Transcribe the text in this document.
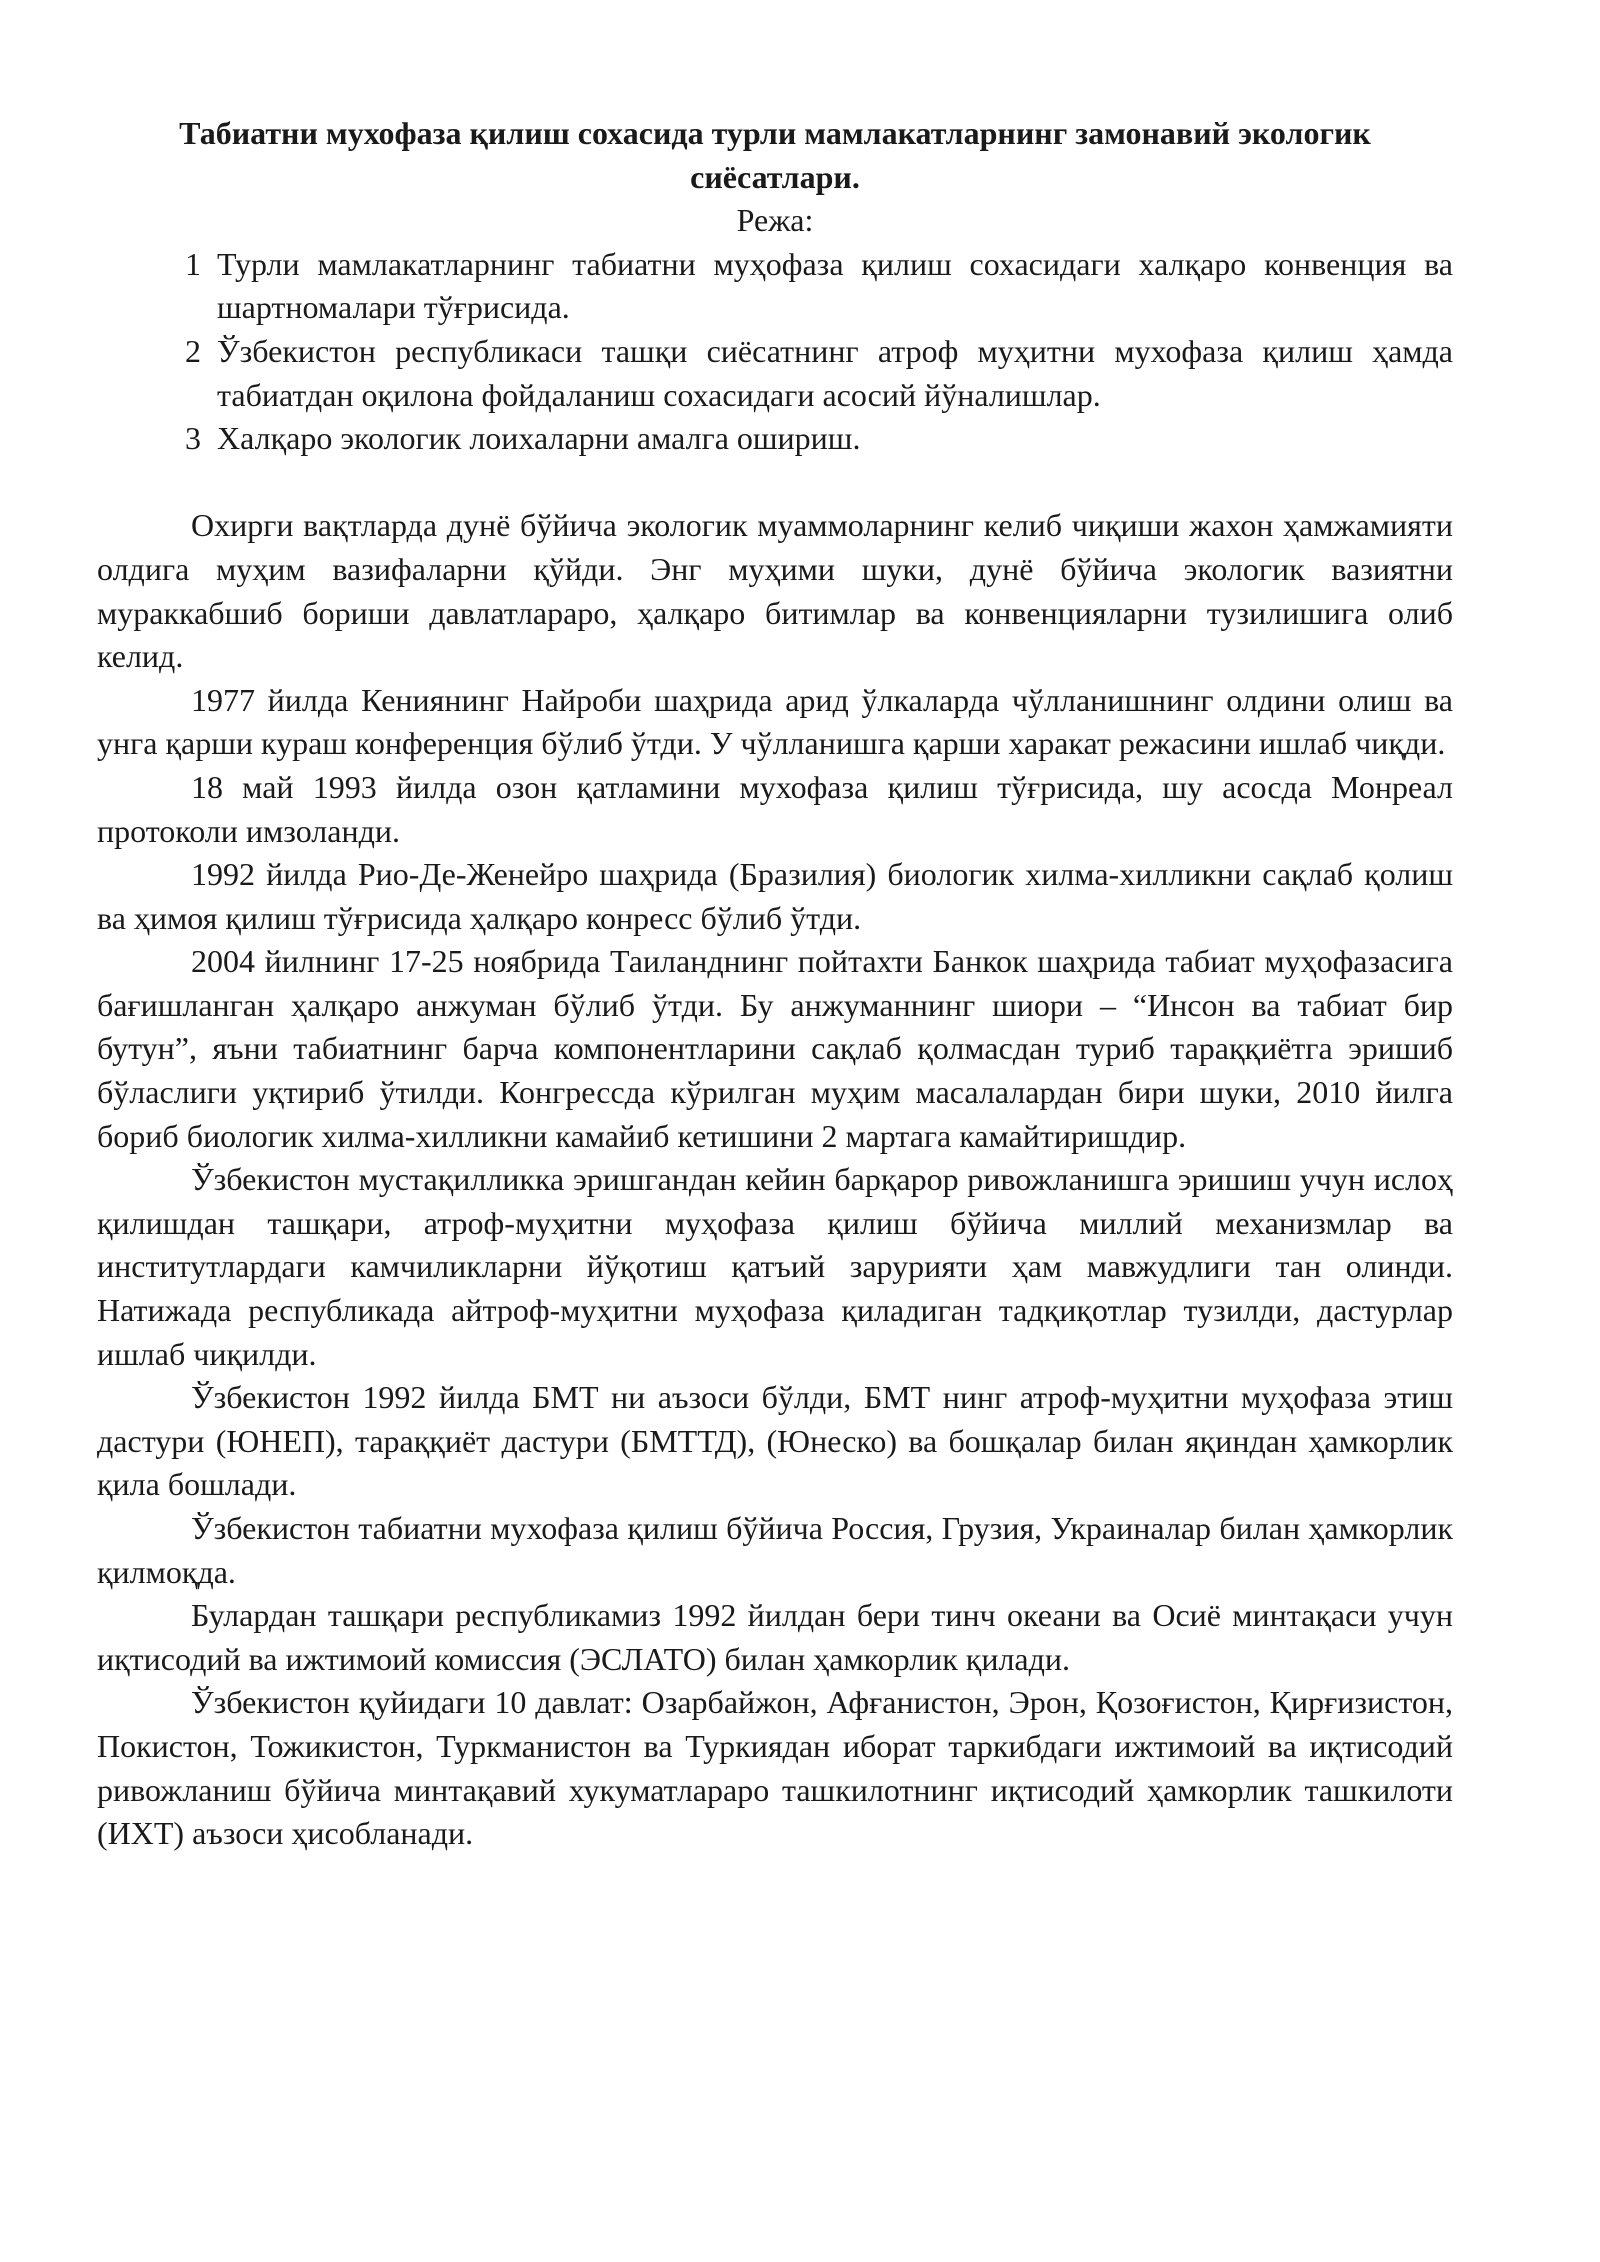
Табиатни мухофаза қилиш сохасида турли мамлакатларнинг замонавий экологик сиёсатлари.
Режа:
1 Турли мамлакатларнинг табиатни муҳофаза қилиш сохасидаги халқаро конвенция ва шартномалари тўғрисида.
2 Ўзбекистон республикаси ташқи сиёсатнинг атроф муҳитни мухофаза қилиш ҳамда табиатдан оқилона фойдаланиш сохасидаги асосий йўналишлар.
3 Халқаро экологик лоихаларни амалга ошириш.

Охирги вақтларда дунё бўйича экологик муаммоларнинг келиб чиқиши жахон ҳамжамияти олдига муҳим вазифаларни қўйди. Энг муҳими шуки, дунё бўйича экологик вазиятни мураккабшиб бориши давлатлараро, ҳалқаро битимлар ва конвенцияларни тузилишига олиб келид.

1977 йилда Кениянинг Найроби шаҳрида арид ўлкаларда чўлланишнинг олдини олиш ва унга қарши кураш конференция бўлиб ўтди. У чўлланишга қарши харакат режасини ишлаб чиқди.

18 май 1993 йилда озон қатламини мухофаза қилиш тўғрисида, шу асосда Монреал протоколи имзоланди.

1992 йилда Рио-Де-Женейро шаҳрида (Бразилия) биологик хилма-хилликни сақлаб қолиш ва ҳимоя қилиш тўғрисида ҳалқаро конресс бўлиб ўтди.

2004 йилнинг 17-25 ноябрида Таиланднинг пойтахти Банкок шаҳрида табиат муҳофазасига бағишланган ҳалқаро анжуман бўлиб ўтди. Бу анжуманнинг шиори – “Инсон ва табиат бир бутун”, яъни табиатнинг барча компонентларини сақлаб қолмасдан туриб тараққиётга эришиб бўласлиги уқтириб ўтилди. Конгрессда кўрилган муҳим масалалардан бири шуки, 2010 йилга бориб биологик хилма-хилликни камайиб кетишини 2 мартага камайтиришдир.

Ўзбекистон мустақилликка эришгандан кейин барқарор ривожланишга эришиш учун ислоҳ қилишдан ташқари, атроф-муҳитни муҳофаза қилиш бўйича миллий механизмлар ва институтлардаги камчиликларни йўқотиш қатъий зарурияти ҳам мавжудлиги тан олинди. Натижада республикада айтроф-муҳитни муҳофаза қиладиган тадқиқотлар тузилди, дастурлар ишлаб чиқилди.

Ўзбекистон 1992 йилда БМТ ни аъзоси бўлди, БМТ нинг атроф-муҳитни муҳофаза этиш дастури (ЮНЕП), тараққиёт дастури (БМТТД), (Юнеско) ва бошқалар билан яқиндан ҳамкорлик қила бошлади.

Ўзбекистон табиатни мухофаза қилиш бўйича Россия, Грузия, Украиналар билан ҳамкорлик қилмоқда.

Булардан ташқари республикамиз 1992 йилдан бери тинч океани ва Осиё минтақаси учун иқтисодий ва ижтимоий комиссия (ЭСЛАТО) билан ҳамкорлик қилади.

Ўзбекистон қуйидаги 10 давлат: Озарбайжон, Афғанистон, Эрон, Қозоғистон, Қирғизистон, Покистон, Тожикистон, Туркманистон ва Туркиядан иборат таркибдаги ижтимоий ва иқтисодий ривожланиш бўйича минтақавий хукуматлараро ташкилотнинг иқтисодий ҳамкорлик ташкилоти (ИХТ) аъзоси ҳисобланади.
